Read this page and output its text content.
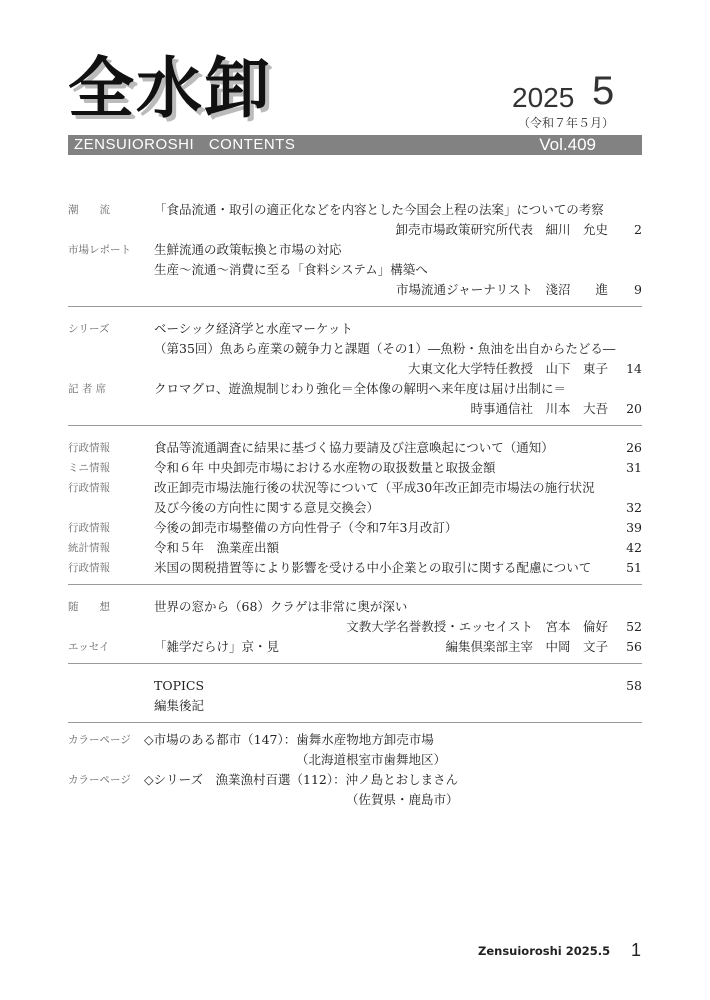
全水卸	2025 5
（令和７年５月）
ZENSUIOROSHI CONTENTS	Vol.409
潮　　流	「食品流通・取引の適正化などを内容とした今国会上程の法案」についての考察
卸売市場政策研究所代表　細川　允史	2
市場レポート	生鮮流通の政策転換と市場の対応
生産～流通～消費に至る「食料システム」構築へ
市場流通ジャーナリスト　淺沼　　進	9
シリーズ	ベーシック経済学と水産マーケット
（第35回）魚あら産業の競争力と課題（その1）―魚粉・魚油を出自からたどる―
大東文化大学特任教授　山下　東子	14
記 者 席	クロマグロ、遊漁規制じわり強化＝全体像の解明へ来年度は届け出制に＝
時事通信社　川本　大吾	20
行政情報	食品等流通調査に結果に基づく協力要請及び注意喚起について（通知）	26
ミニ情報	令和６年 中央卸売市場における水産物の取扱数量と取扱金額	31
行政情報	改正卸売市場法施行後の状況等について（平成30年改正卸売市場法の施行状況
及び今後の方向性に関する意見交換会）	32
行政情報	今後の卸売市場整備の方向性骨子（令和7年3月改訂）	39
統計情報	令和５年　漁業産出額	42
行政情報	米国の関税措置等により影響を受ける中小企業との取引に関する配慮について	51
随　　想	世界の窓から（68）クラゲは非常に奥が深い
文教大学名誉教授・エッセイスト　宮本　倫好	52
エッセイ	「雑学だらけ」京・見	編集倶楽部主宰　中岡　文子	56
TOPICS	58
編集後記
カラーページ	◇市場のある都市（147）：歯舞水産物地方卸売市場
（北海道根室市歯舞地区）
カラーページ	◇シリーズ　漁業漁村百選（112）：沖ノ島とおしまさん
（佐賀県・鹿島市）
Zensuioroshi 2025.5 1
